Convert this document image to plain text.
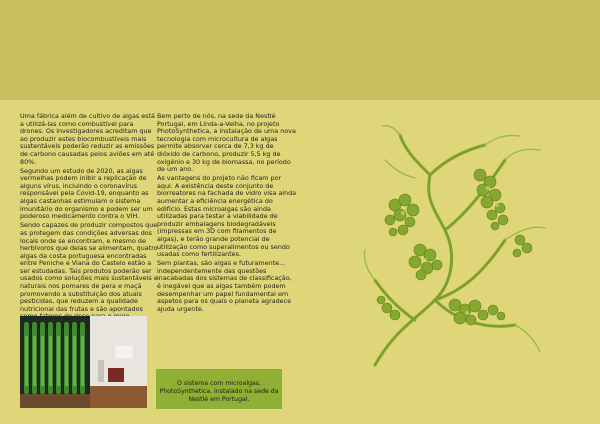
Uma fábrica além de cultivo de algas está a utilizá-las como combustível para drones. Os investigadores acreditam que ao produzir estes biocombustíveis mais sustentáveis poderão reduzir as emissões de carbono causadas pelos aviões em até 80%.

Segundo um estudo de 2020, as algas vermelhas podem inibir a replicação de alguns vírus, incluindo o coronavírus responsável pela Covid-19, enquanto as algas castanhas estimulam o sistema imunitário do organismo e podem ser um poderoso medicamento contra o VIH.

Sendo capazes de produzir compostos que as protegem das condições adversas dos locais onde se encontram, e mesmo de herbívoros que delas se alimentam, quatro algas da costa portuguesa encontradas entre Peniche e Viana do Castelo estão a ser estudadas. Tais produtos poderão ser usados como soluções mais sustentáveis e naturais nos pomares de pera e maçã promovendo a substituição dos atuais pesticidas, que reduzem a qualidade nutricional das frutas e são apontados

Bem perto de nós, na sede da Nestlé Portugal, em Linda-a-Velha, no projeto PhotoSynthetica, a instalação de uma nova tecnologia com microcultura de algas permite absorver cerca de 7,3 kg de dióxido de carbono, produzir 5,5 kg de oxigénio e 30 kg de biomassa, no período de um ano.

As vantagens do projeto não ficam por aqui. A existência deste conjunto de biorreatores na fachada de vidro visa ainda aumentar a eficiência energética do edifício. Estas microalgas são ainda utilizadas para testar a viabilidade de produzir embalagens biodegradáveis (impressas em 3D com filamentos de algas), e terão grande potencial de utilização como superalimentos ou sendo usadas como fertilizantes.

Sem plantas, são algas e futuramente... independentemente das questões inacabadas dos sistemas de classificação, é inegável que as algas também podem desempenhar um papel fundamental em aspetos para os quais o planeta agradece ajuda urgente.

O sistema com microalgas, PhotoSynthetica, instalado na sede da Nestlé em Portugal.
